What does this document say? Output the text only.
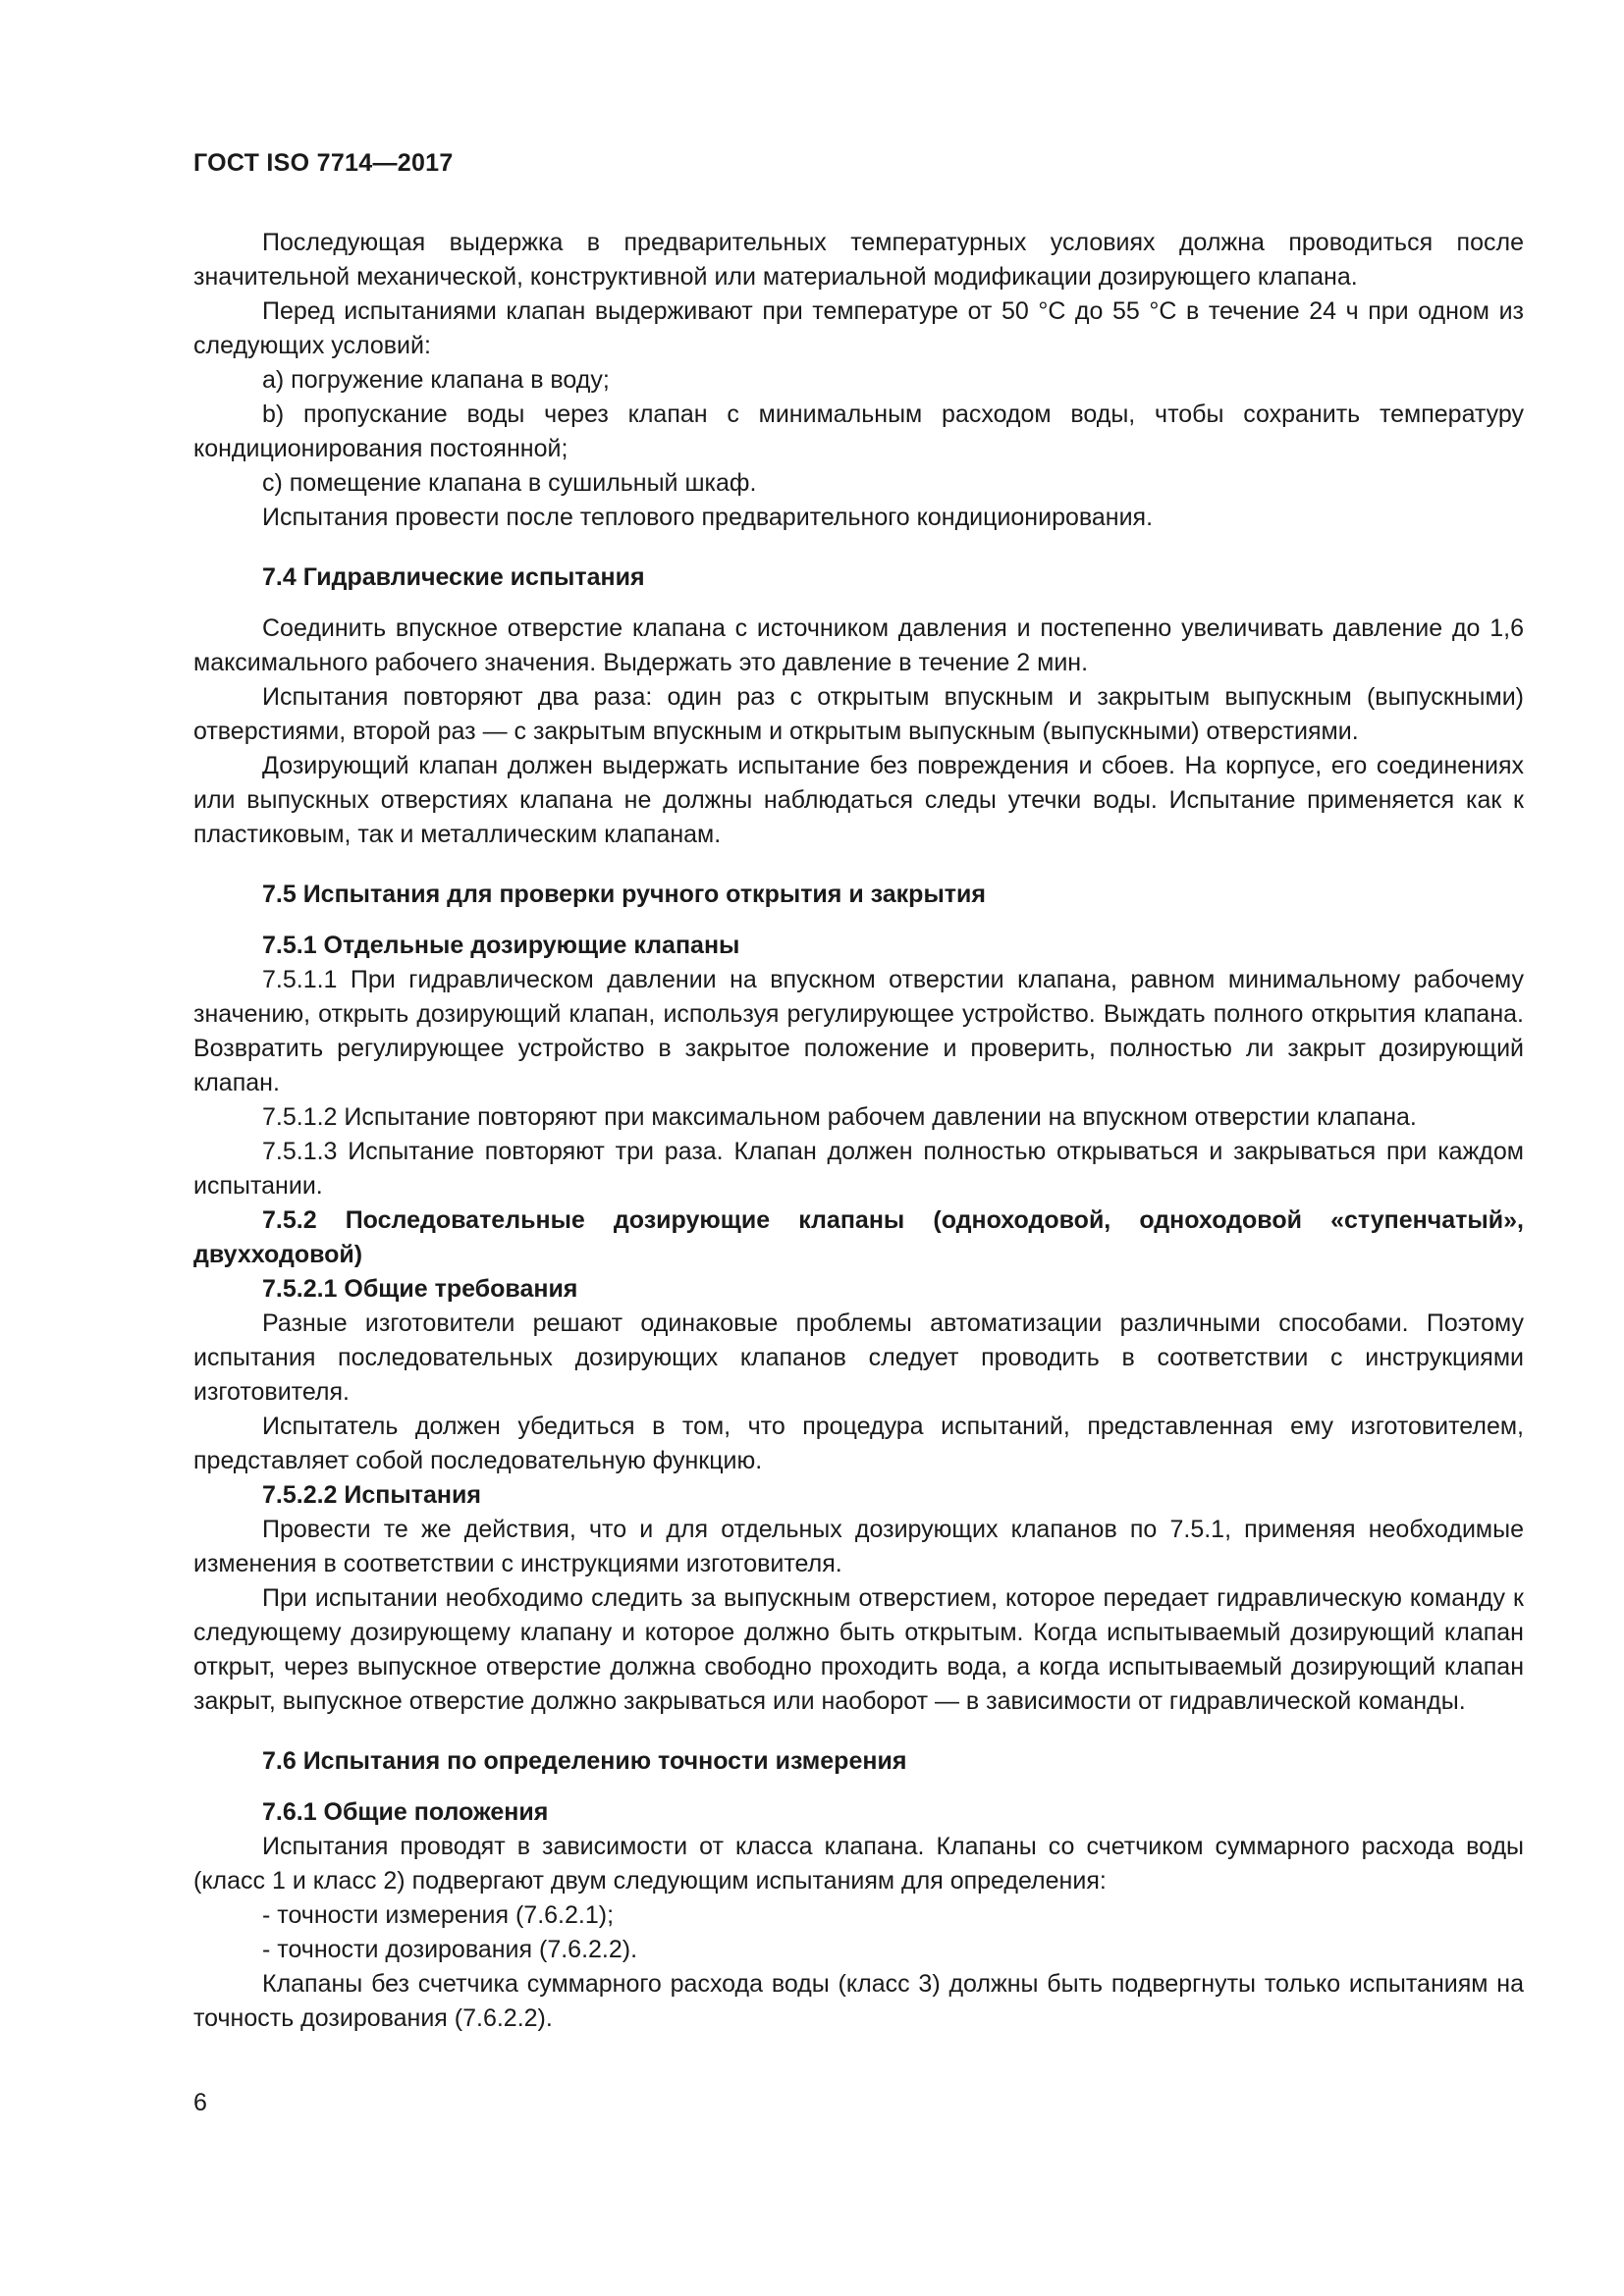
ГОСТ ISO 7714—2017

Последующая выдержка в предварительных температурных условиях должна проводиться после значительной механической, конструктивной или материальной модификации дозирующего клапана.

Перед испытаниями клапан выдерживают при температуре от 50 °С до 55 °С в течение 24 ч при одном из следующих условий:

a) погружение клапана в воду;

b) пропускание воды через клапан с минимальным расходом воды, чтобы сохранить температуру кондиционирования постоянной;

c) помещение клапана в сушильный шкаф.

Испытания провести после теплового предварительного кондиционирования.

7.4 Гидравлические испытания

Соединить впускное отверстие клапана с источником давления и постепенно увеличивать давление до 1,6 максимального рабочего значения. Выдержать это давление в течение 2 мин.

Испытания повторяют два раза: один раз с открытым впускным и закрытым выпускным (выпускными) отверстиями, второй раз — с закрытым впускным и открытым выпускным (выпускными) отверстиями.

Дозирующий клапан должен выдержать испытание без повреждения и сбоев. На корпусе, его соединениях или выпускных отверстиях клапана не должны наблюдаться следы утечки воды. Испытание применяется как к пластиковым, так и металлическим клапанам.

7.5 Испытания для проверки ручного открытия и закрытия

7.5.1 Отдельные дозирующие клапаны

7.5.1.1 При гидравлическом давлении на впускном отверстии клапана, равном минимальному рабочему значению, открыть дозирующий клапан, используя регулирующее устройство. Выждать полного открытия клапана. Возвратить регулирующее устройство в закрытое положение и проверить, полностью ли закрыт дозирующий клапан.

7.5.1.2 Испытание повторяют при максимальном рабочем давлении на впускном отверстии клапана.

7.5.1.3 Испытание повторяют три раза. Клапан должен полностью открываться и закрываться при каждом испытании.

7.5.2 Последовательные дозирующие клапаны (одноходовой, одноходовой «ступенчатый», двухходовой)

7.5.2.1 Общие требования

Разные изготовители решают одинаковые проблемы автоматизации различными способами. Поэтому испытания последовательных дозирующих клапанов следует проводить в соответствии с инструкциями изготовителя.

Испытатель должен убедиться в том, что процедура испытаний, представленная ему изготовителем, представляет собой последовательную функцию.

7.5.2.2 Испытания

Провести те же действия, что и для отдельных дозирующих клапанов по 7.5.1, применяя необходимые изменения в соответствии с инструкциями изготовителя.

При испытании необходимо следить за выпускным отверстием, которое передает гидравлическую команду к следующему дозирующему клапану и которое должно быть открытым. Когда испытываемый дозирующий клапан открыт, через выпускное отверстие должна свободно проходить вода, а когда испытываемый дозирующий клапан закрыт, выпускное отверстие должно закрываться или наоборот — в зависимости от гидравлической команды.

7.6 Испытания по определению точности измерения

7.6.1 Общие положения

Испытания проводят в зависимости от класса клапана. Клапаны со счетчиком суммарного расхода воды (класс 1 и класс 2) подвергают двум следующим испытаниям для определения:

- точности измерения (7.6.2.1);

- точности дозирования (7.6.2.2).

Клапаны без счетчика суммарного расхода воды (класс 3) должны быть подвергнуты только испытаниям на точность дозирования (7.6.2.2).

6
